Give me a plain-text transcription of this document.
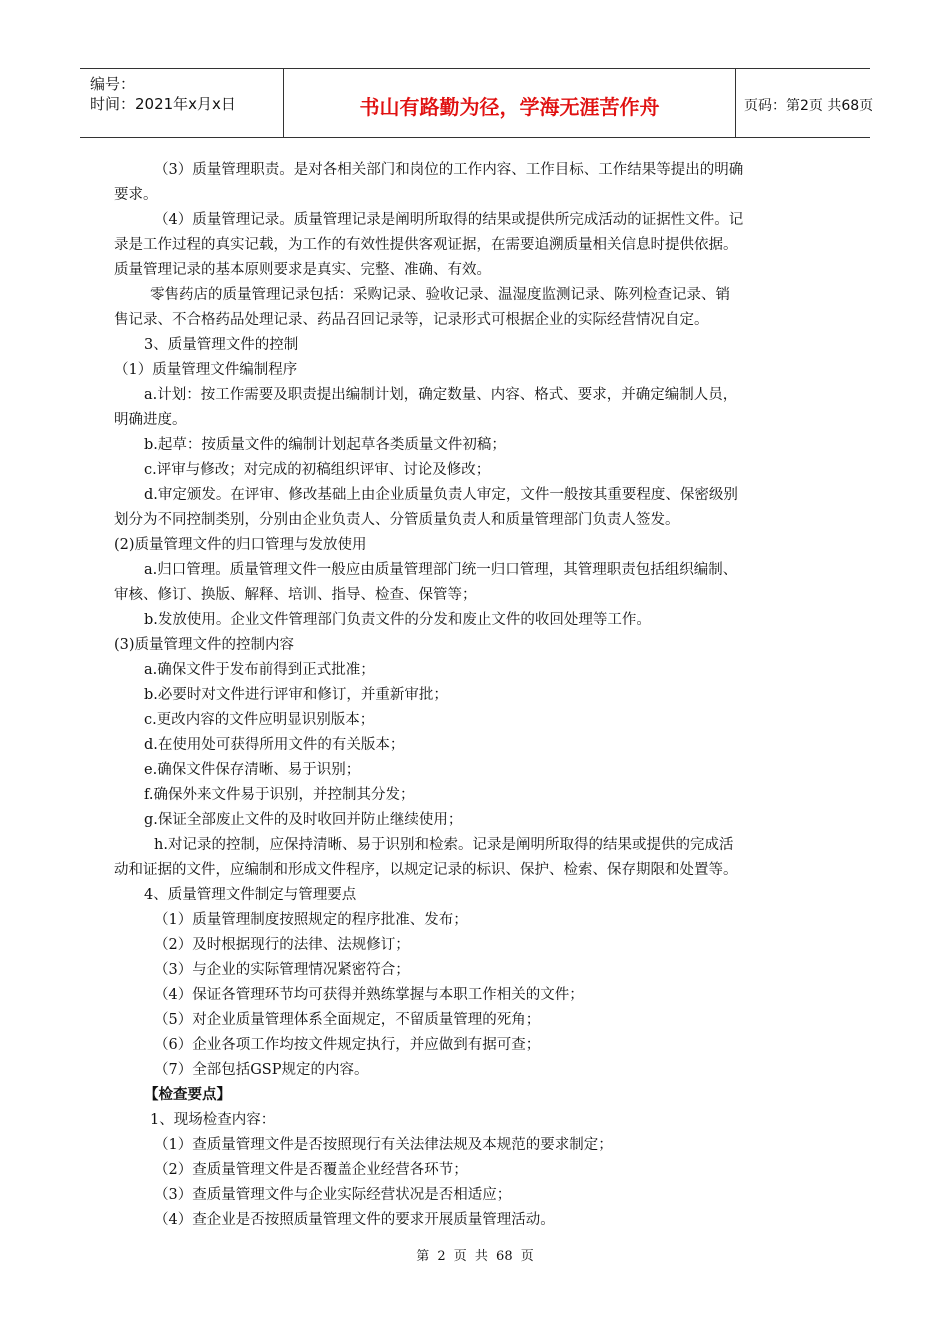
编号：
时间：2021年x月x日	书山有路勤为径，学海无涯苦作舟	页码：第2页 共68页

（3）质量管理职责。是对各相关部门和岗位的工作内容、工作目标、工作结果等提出的明确

要求。

（4）质量管理记录。质量管理记录是阐明所取得的结果或提供所完成活动的证据性文件。记

录是工作过程的真实记载，为工作的有效性提供客观证据，在需要追溯质量相关信息时提供依据。

质量管理记录的基本原则要求是真实、完整、准确、有效。

零售药店的质量管理记录包括：采购记录、验收记录、温湿度监测记录、陈列检查记录、销

售记录、不合格药品处理记录、药品召回记录等，记录形式可根据企业的实际经营情况自定。

3、质量管理文件的控制

（1）质量管理文件编制程序

a.计划：按工作需要及职责提出编制计划，确定数量、内容、格式、要求，并确定编制人员，

明确进度。

b.起草：按质量文件的编制计划起草各类质量文件初稿；

c.评审与修改；对完成的初稿组织评审、讨论及修改；

d.审定颁发。在评审、修改基础上由企业质量负责人审定，文件一般按其重要程度、保密级别

划分为不同控制类别，分别由企业负责人、分管质量负责人和质量管理部门负责人签发。

(2)质量管理文件的归口管理与发放使用

a.归口管理。质量管理文件一般应由质量管理部门统一归口管理，其管理职责包括组织编制、

审核、修订、换版、解释、培训、指导、检查、保管等；

b.发放使用。企业文件管理部门负责文件的分发和废止文件的收回处理等工作。

(3)质量管理文件的控制内容

a.确保文件于发布前得到正式批准；

b.必要时对文件进行评审和修订，并重新审批；

c.更改内容的文件应明显识别版本；

d.在使用处可获得所用文件的有关版本；

e.确保文件保存清晰、易于识别；

f.确保外来文件易于识别，并控制其分发；

g.保证全部废止文件的及时收回并防止继续使用；

h.对记录的控制，应保持清晰、易于识别和检索。记录是阐明所取得的结果或提供的完成活

动和证据的文件，应编制和形成文件程序，以规定记录的标识、保护、检索、保存期限和处置等。

4、质量管理文件制定与管理要点

（1）质量管理制度按照规定的程序批准、发布；

（2）及时根据现行的法律、法规修订；

（3）与企业的实际管理情况紧密符合；

（4）保证各管理环节均可获得并熟练掌握与本职工作相关的文件；

（5）对企业质量管理体系全面规定，不留质量管理的死角；

（6）企业各项工作均按文件规定执行，并应做到有据可查；

（7）全部包括GSP规定的内容。

【检查要点】

1、现场检查内容：

（1）查质量管理文件是否按照现行有关法律法规及本规范的要求制定；

（2）查质量管理文件是否覆盖企业经营各环节；

（3）查质量管理文件与企业实际经营状况是否相适应；

（4）查企业是否按照质量管理文件的要求开展质量管理活动。

第 2 页 共 68 页
